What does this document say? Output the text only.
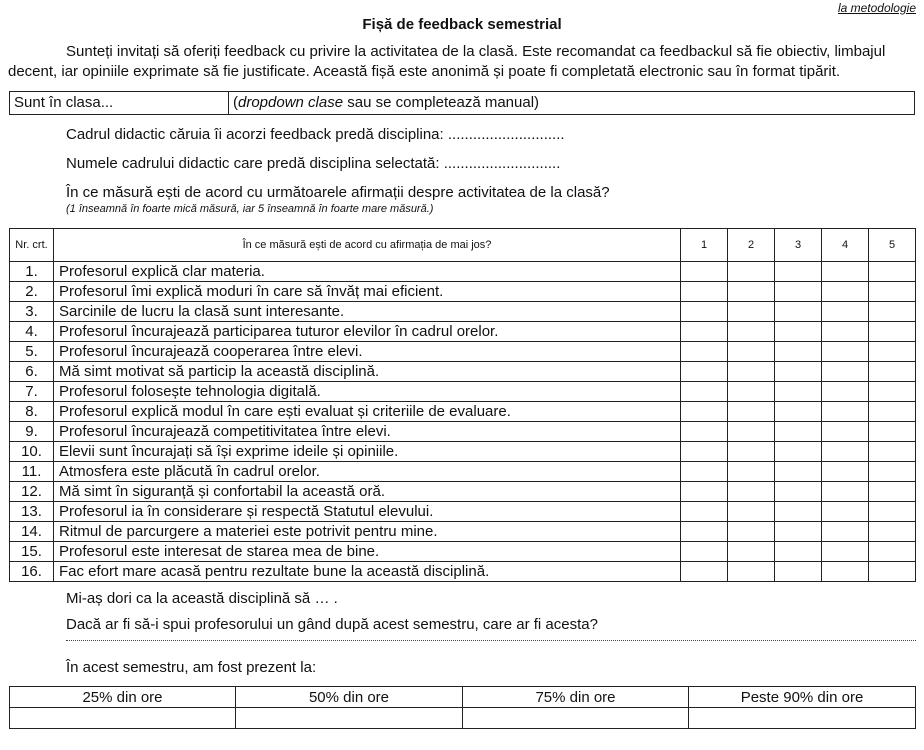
la metodologie
Fișă de feedback semestrial
Sunteți invitați să oferiți feedback cu privire la activitatea de la clasă. Este recomandat ca feedbackul să fie obiectiv, limbajul decent, iar opiniile exprimate să fie justificate. Această fișă este anonimă și poate fi completată electronic sau în format tipărit.
Sunt în clasa...	(dropdown clase sau se completează manual)
Cadrul didactic căruia îi acorzi feedback predă disciplina: ............................
Numele cadrului didactic care predă disciplina selectată: ............................
În ce măsură ești de acord cu următoarele afirmații despre activitatea de la clasă?
(1 înseamnă în foarte mică măsură, iar 5 înseamnă în foarte mare măsură.)
Nr. crt.	În ce măsură ești de acord cu afirmația de mai jos?	1	2	3	4	5
1.	Profesorul explică clar materia.					
2.	Profesorul îmi explică moduri în care să învăț mai eficient.					
3.	Sarcinile de lucru la clasă sunt interesante.					
4.	Profesorul încurajează participarea tuturor elevilor în cadrul orelor.					
5.	Profesorul încurajează cooperarea între elevi.					
6.	Mă simt motivat să particip la această disciplină.					
7.	Profesorul folosește tehnologia digitală.					
8.	Profesorul explică modul în care ești evaluat și criteriile de evaluare.					
9.	Profesorul încurajează competitivitatea între elevi.					
10.	Elevii sunt încurajați să își exprime ideile și opiniile.					
11.	Atmosfera este plăcută în cadrul orelor.					
12.	Mă simt în siguranță și confortabil la această oră.					
13.	Profesorul ia în considerare și respectă Statutul elevului.					
14.	Ritmul de parcurgere a materiei este potrivit pentru mine.					
15.	Profesorul este interesat de starea mea de bine.					
16.	Fac efort mare acasă pentru rezultate bune la această disciplină.					
Mi-aș dori ca la această disciplină să … .
Dacă ar fi să-i spui profesorului un gând după acest semestru, care ar fi acesta?
În acest semestru, am fost prezent la:
25% din ore	50% din ore	75% din ore	Peste 90% din ore
